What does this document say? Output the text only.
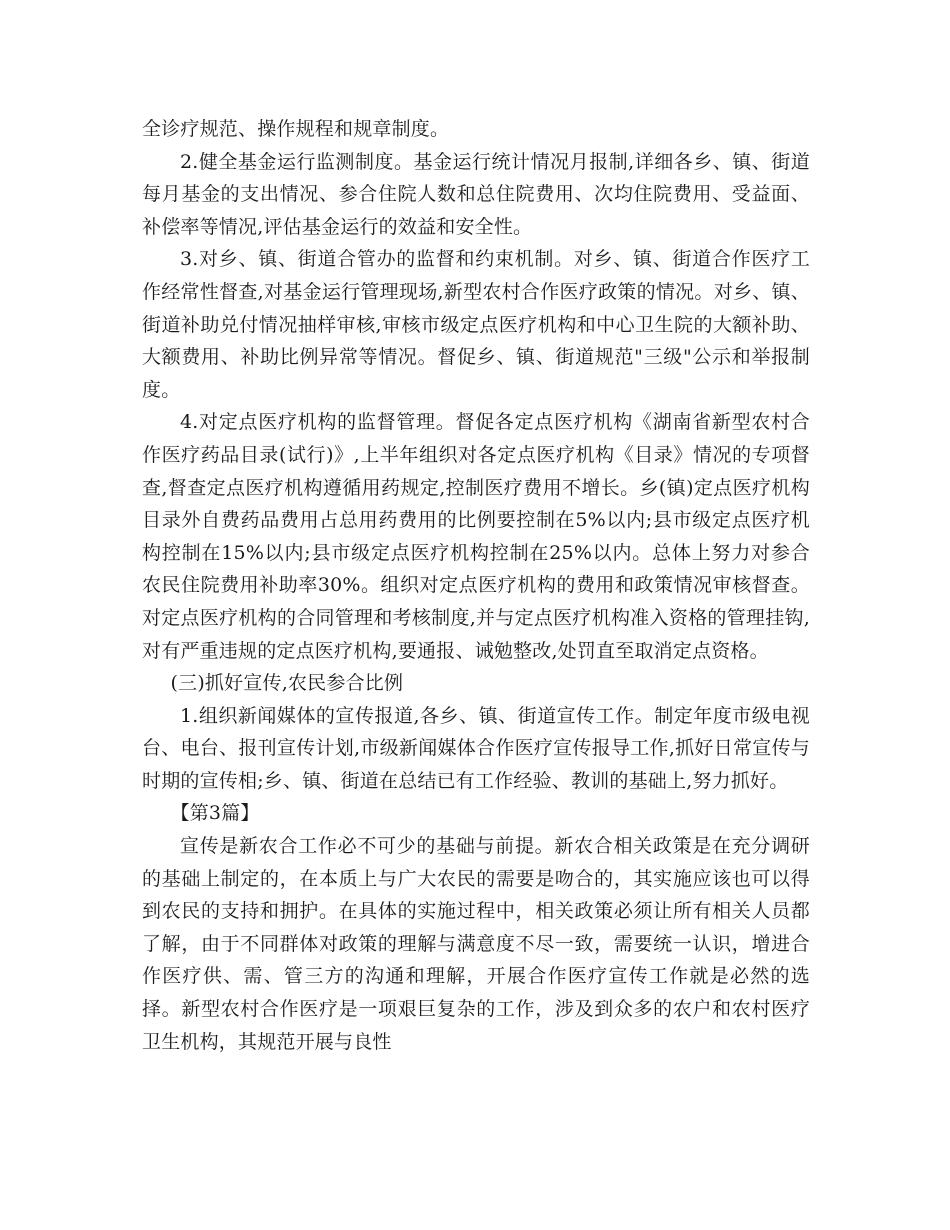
全诊疗规范、操作规程和规章制度。

2.健全基金运行监测制度。基金运行统计情况月报制,详细各乡、镇、街道每月基金的支出情况、参合住院人数和总住院费用、次均住院费用、受益面、补偿率等情况,评估基金运行的效益和安全性。

3.对乡、镇、街道合管办的监督和约束机制。对乡、镇、街道合作医疗工作经常性督查,对基金运行管理现场,新型农村合作医疗政策的情况。对乡、镇、街道补助兑付情况抽样审核,审核市级定点医疗机构和中心卫生院的大额补助、大额费用、补助比例异常等情况。督促乡、镇、街道规范"三级"公示和举报制度。

4.对定点医疗机构的监督管理。督促各定点医疗机构《湖南省新型农村合作医疗药品目录(试行)》,上半年组织对各定点医疗机构《目录》情况的专项督查,督查定点医疗机构遵循用药规定,控制医疗费用不增长。乡(镇)定点医疗机构目录外自费药品费用占总用药费用的比例要控制在5%以内;县市级定点医疗机构控制在15%以内;县市级定点医疗机构控制在25%以内。总体上努力对参合农民住院费用补助率30%。组织对定点医疗机构的费用和政策情况审核督查。对定点医疗机构的合同管理和考核制度,并与定点医疗机构准入资格的管理挂钩,对有严重违规的定点医疗机构,要通报、诫勉整改,处罚直至取消定点资格。

(三)抓好宣传,农民参合比例

1.组织新闻媒体的宣传报道,各乡、镇、街道宣传工作。制定年度市级电视台、电台、报刊宣传计划,市级新闻媒体合作医疗宣传报导工作,抓好日常宣传与时期的宣传相;乡、镇、街道在总结已有工作经验、教训的基础上,努力抓好。

【第3篇】

宣传是新农合工作必不可少的基础与前提。新农合相关政策是在充分调研的基础上制定的，在本质上与广大农民的需要是吻合的，其实施应该也可以得到农民的支持和拥护。在具体的实施过程中，相关政策必须让所有相关人员都了解，由于不同群体对政策的理解与满意度不尽一致，需要统一认识，增进合作医疗供、需、管三方的沟通和理解，开展合作医疗宣传工作就是必然的选择。新型农村合作医疗是一项艰巨复杂的工作，涉及到众多的农户和农村医疗卫生机构，其规范开展与良性
